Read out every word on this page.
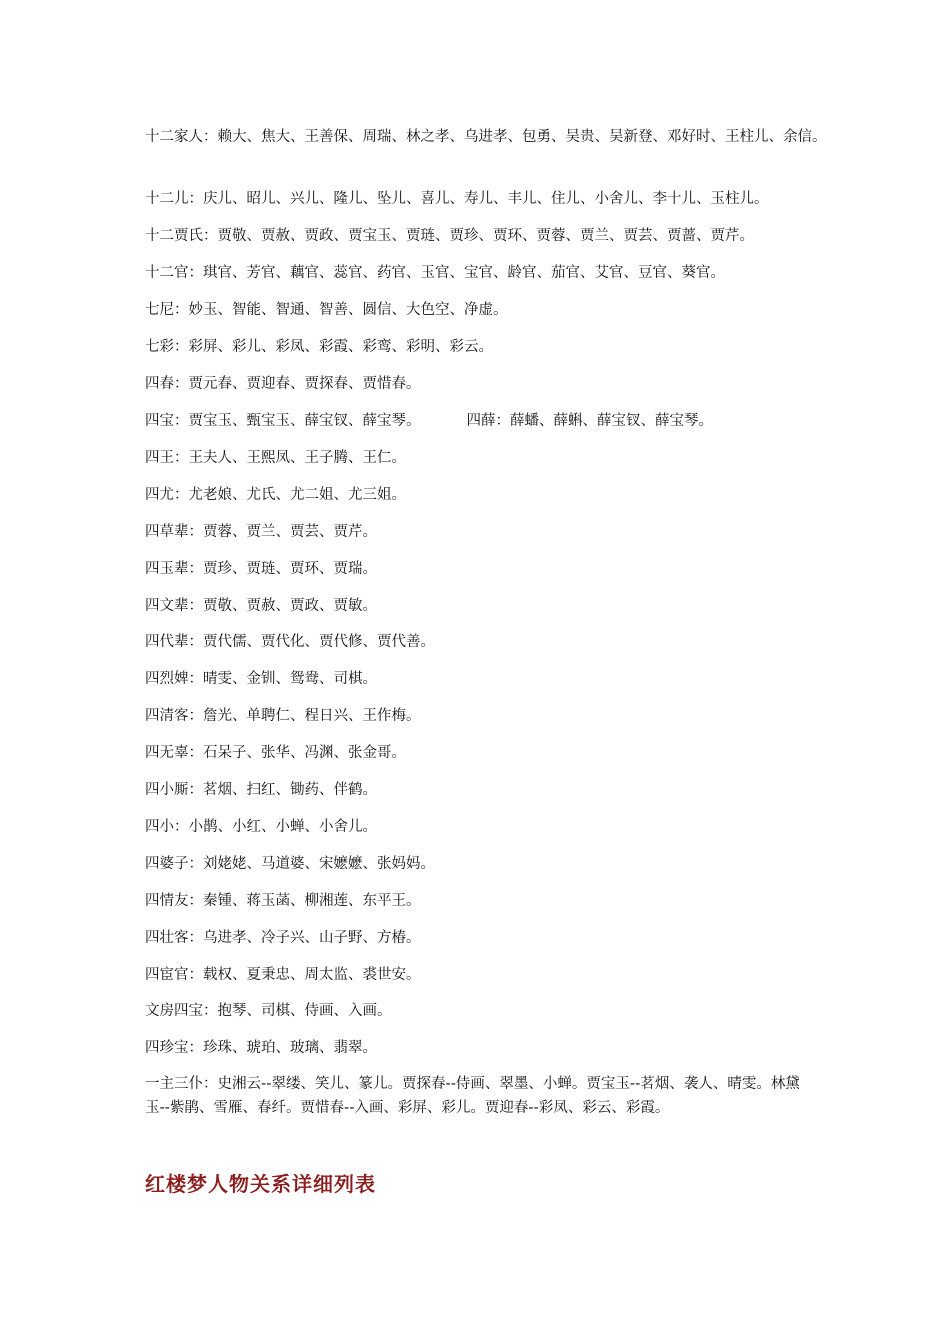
十二家人：赖大、焦大、王善保、周瑞、林之孝、乌进孝、包勇、吴贵、吴新登、邓好时、王柱儿、余信。
十二儿：庆儿、昭儿、兴儿、隆儿、坠儿、喜儿、寿儿、丰儿、住儿、小舍儿、李十儿、玉柱儿。
十二贾氏：贾敬、贾赦、贾政、贾宝玉、贾琏、贾珍、贾环、贾蓉、贾兰、贾芸、贾蔷、贾芹。
十二官：琪官、芳官、藕官、蕊官、药官、玉官、宝官、龄官、茄官、艾官、豆官、葵官。
七尼：妙玉、智能、智通、智善、圆信、大色空、净虚。
七彩：彩屏、彩儿、彩凤、彩霞、彩鸾、彩明、彩云。
四春：贾元春、贾迎春、贾探春、贾惜春。
四宝：贾宝玉、甄宝玉、薛宝钗、薛宝琴。	四薛：薛蟠、薛蝌、薛宝钗、薛宝琴。
四王：王夫人、王熙凤、王子腾、王仁。
四尤：尤老娘、尤氏、尤二姐、尤三姐。
四草辈：贾蓉、贾兰、贾芸、贾芹。
四玉辈：贾珍、贾琏、贾环、贾瑞。
四文辈：贾敬、贾赦、贾政、贾敏。
四代辈：贾代儒、贾代化、贾代修、贾代善。
四烈婢：晴雯、金钏、鸳鸯、司棋。
四清客：詹光、单聘仁、程日兴、王作梅。
四无辜：石呆子、张华、冯渊、张金哥。
四小厮：茗烟、扫红、锄药、伴鹤。
四小：小鹊、小红、小蝉、小舍儿。
四婆子：刘姥姥、马道婆、宋嬷嬷、张妈妈。
四情友：秦锺、蒋玉菡、柳湘莲、东平王。
四壮客：乌进孝、冷子兴、山子野、方椿。
四宦官：载权、夏秉忠、周太监、裘世安。
文房四宝：抱琴、司棋、侍画、入画。
四珍宝：珍珠、琥珀、玻璃、翡翠。
一主三仆：史湘云--翠缕、笑儿、篆儿。贾探春--侍画、翠墨、小蝉。贾宝玉--茗烟、袭人、晴雯。林黛玉--紫鹃、雪雁、春纤。贾惜春--入画、彩屏、彩儿。贾迎春--彩凤、彩云、彩霞。
红楼梦人物关系详细列表
